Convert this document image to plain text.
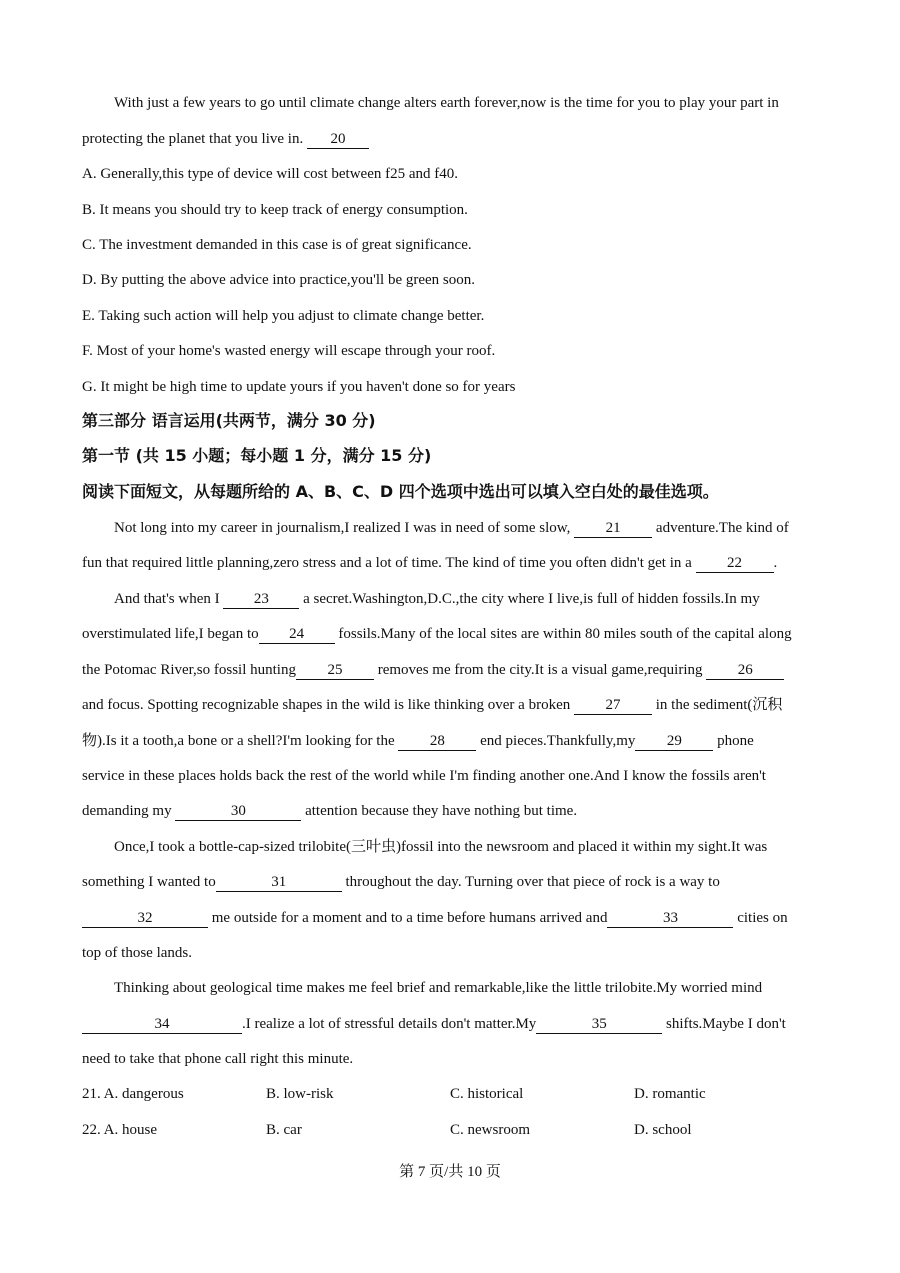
With just a few years to go until climate change alters earth forever,now is the time for you to play your part in
protecting the planet that you live in. 20
A. Generally,this type of device will cost between f25 and f40.
B. It means you should try to keep track of energy consumption.
C. The investment demanded in this case is of great significance.
D. By putting the above advice into practice,you'll be green soon.
E. Taking such action will help you adjust to climate change better.
F. Most of your home's wasted energy will escape through your roof.
G. It might be high time to update yours if you haven't done so for years
第三部分 语言运用(共两节，满分 30 分)
第一节 (共 15 小题；每小题 1 分，满分 15 分)
阅读下面短文，从每题所给的 A、B、C、D 四个选项中选出可以填入空白处的最佳选项。
Not long into my career in journalism,I realized I was in need of some slow, 21 adventure.The kind of
fun that required little planning,zero stress and a lot of time. The kind of time you often didn't get in a 22 .
And that's when I 23 a secret.Washington,D.C.,the city where I live,is full of hidden fossils.In my
overstimulated life,I began to 24 fossils.Many of the local sites are within 80 miles south of the capital along
the Potomac River,so fossil hunting 25 removes me from the city.It is a visual game,requiring 26
and focus. Spotting recognizable shapes in the wild is like thinking over a broken 27 in the sediment(沉积
物).Is it a tooth,a bone or a shell?I'm looking for the 28 end pieces.Thankfully,my 29 phone
service in these places holds back the rest of the world while I'm finding another one.And I know the fossils aren't
demanding my	30	attention because they have nothing but time.
Once,I took a bottle-cap-sized trilobite(三叶虫)fossil into the newsroom and placed it within my sight.It was
something I wanted to	31	throughout the day. Turning over that piece of rock is a way to
32	me outside for a moment and to a time before humans arrived and	33	cities on
top of those lands.
Thinking about geological time makes me feel brief and remarkable,like the little trilobite.My worried mind
34	.I realize a lot of stressful details don't matter.My	35	shifts.Maybe I don't
need to take that phone call right this minute.
21. A. dangerous	B. low-risk	C. historical	D. romantic
22. A. house	B. car	C. newsroom	D. school
第 7 页/共 10 页
